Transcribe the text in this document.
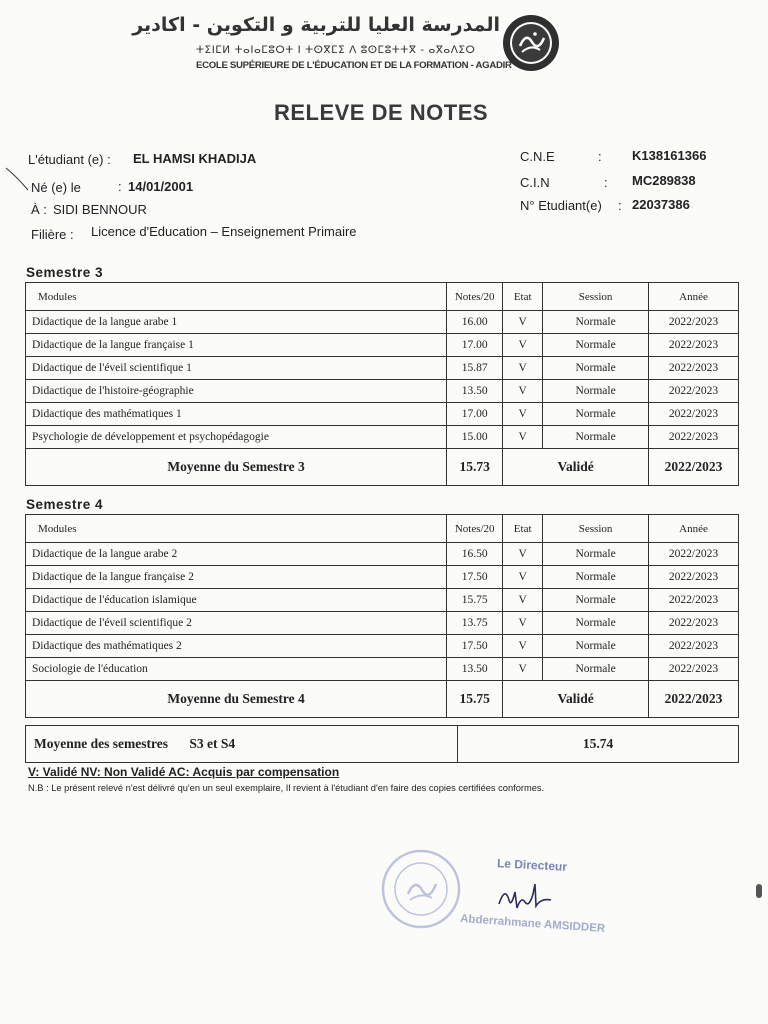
المدرسة العليا للتربية و التكوين - اكادير
ⵜⵉⵏⵎⵍ ⵜⴰⵏⴰⵎⵓⵔⵜ ⵏ ⵜⵙⴳⵎⵉ ⴷ ⵓⵙⵎⵓⵜⵜⴳ - ⴰⴳⴰⴷⵉⵔ
ECOLE SUPÉRIEURE DE L'ÉDUCATION ET DE LA FORMATION - AGADIR
RELEVE DE NOTES
L'étudiant (e) : EL HAMSI KHADIJA
Né (e) le	: 14/01/2001
À : SIDI BENNOUR
Filière : Licence d'Education – Enseignement Primaire
C.N.E	: K138161366
C.I.N	: MC289838
N° Etudiant(e) : 22037386
Semestre 3
Modules	Notes/20	Etat	Session	Année
Didactique de la langue arabe 1	16.00	V	Normale	2022/2023
Didactique de la langue française 1	17.00	V	Normale	2022/2023
Didactique de l'éveil scientifique 1	15.87	V	Normale	2022/2023
Didactique de l'histoire-géographie	13.50	V	Normale	2022/2023
Didactique des mathématiques 1	17.00	V	Normale	2022/2023
Psychologie de développement et psychopédagogie	15.00	V	Normale	2022/2023
Moyenne du Semestre 3	15.73	Validé		2022/2023
Semestre 4
Modules	Notes/20	Etat	Session	Année
Didactique de la langue arabe 2	16.50	V	Normale	2022/2023
Didactique de la langue française 2	17.50	V	Normale	2022/2023
Didactique de l'éducation islamique	15.75	V	Normale	2022/2023
Didactique de l'éveil scientifique 2	13.75	V	Normale	2022/2023
Didactique des mathématiques 2	17.50	V	Normale	2022/2023
Sociologie de l'éducation	13.50	V	Normale	2022/2023
Moyenne du Semestre 4	15.75	Validé		2022/2023
Moyenne des semestres S3 et S4	15.74
V: Validé NV: Non Validé AC: Acquis par compensation
N.B : Le présent relevé n'est délivré qu'en un seul exemplaire, Il revient à l'étudiant d'en faire des copies certifiées conformes.
Le Directeur
Abderrahmane AMSIDDER
